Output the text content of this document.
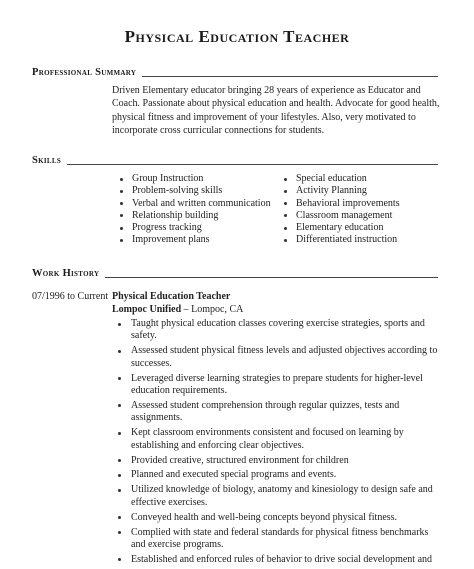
Physical Education Teacher
Professional Summary

Driven Elementary educator bringing 28 years of experience as Educator and Coach. Passionate about physical education and health. Advocate for good health, physical fitness and improvement of your lifestyles. Also, very motivated to incorporate cross curricular connections for students.

Skills
Group Instruction
Problem-solving skills
Verbal and written communication
Relationship building
Progress tracking
Improvement plans
Special education
Activity Planning
Behavioral improvements
Classroom management
Elementary education
Differentiated instruction
Work History
07/1996 to Current Physical Education Teacher
Lompoc Unified – Lompoc, CA
Taught physical education classes covering exercise strategies, sports and safety.
Assessed student physical fitness levels and adjusted objectives according to successes.
Leveraged diverse learning strategies to prepare students for higher-level education requirements.
Assessed student comprehension through regular quizzes, tests and assignments.
Kept classroom environments consistent and focused on learning by establishing and enforcing clear objectives.
Provided creative, structured environment for children
Planned and executed special programs and events.
Utilized knowledge of biology, anatomy and kinesiology to design safe and effective exercises.
Conveyed health and well-being concepts beyond physical fitness.
Complied with state and federal standards for physical fitness benchmarks and exercise programs.
Established and enforced rules of behavior to drive social development and
